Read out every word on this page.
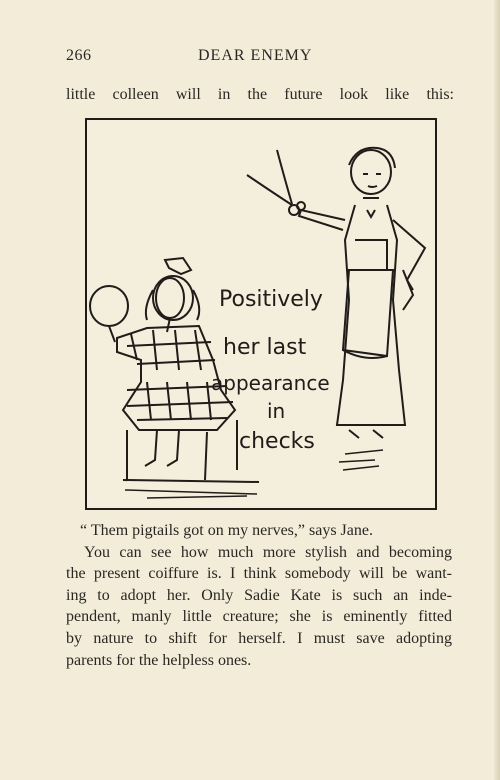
266	DEAR ENEMY
little colleen will in the future look like this:
Positively
her last
appearance
in
checks

“ Them pigtails got on my nerves,” says Jane.

You can see how much more stylish and becoming
the present coiffure is. I think somebody will be want-
ing to adopt her. Only Sadie Kate is such an inde-
pendent, manly little creature; she is eminently fitted
by nature to shift for herself. I must save adopting
parents for the helpless ones.
